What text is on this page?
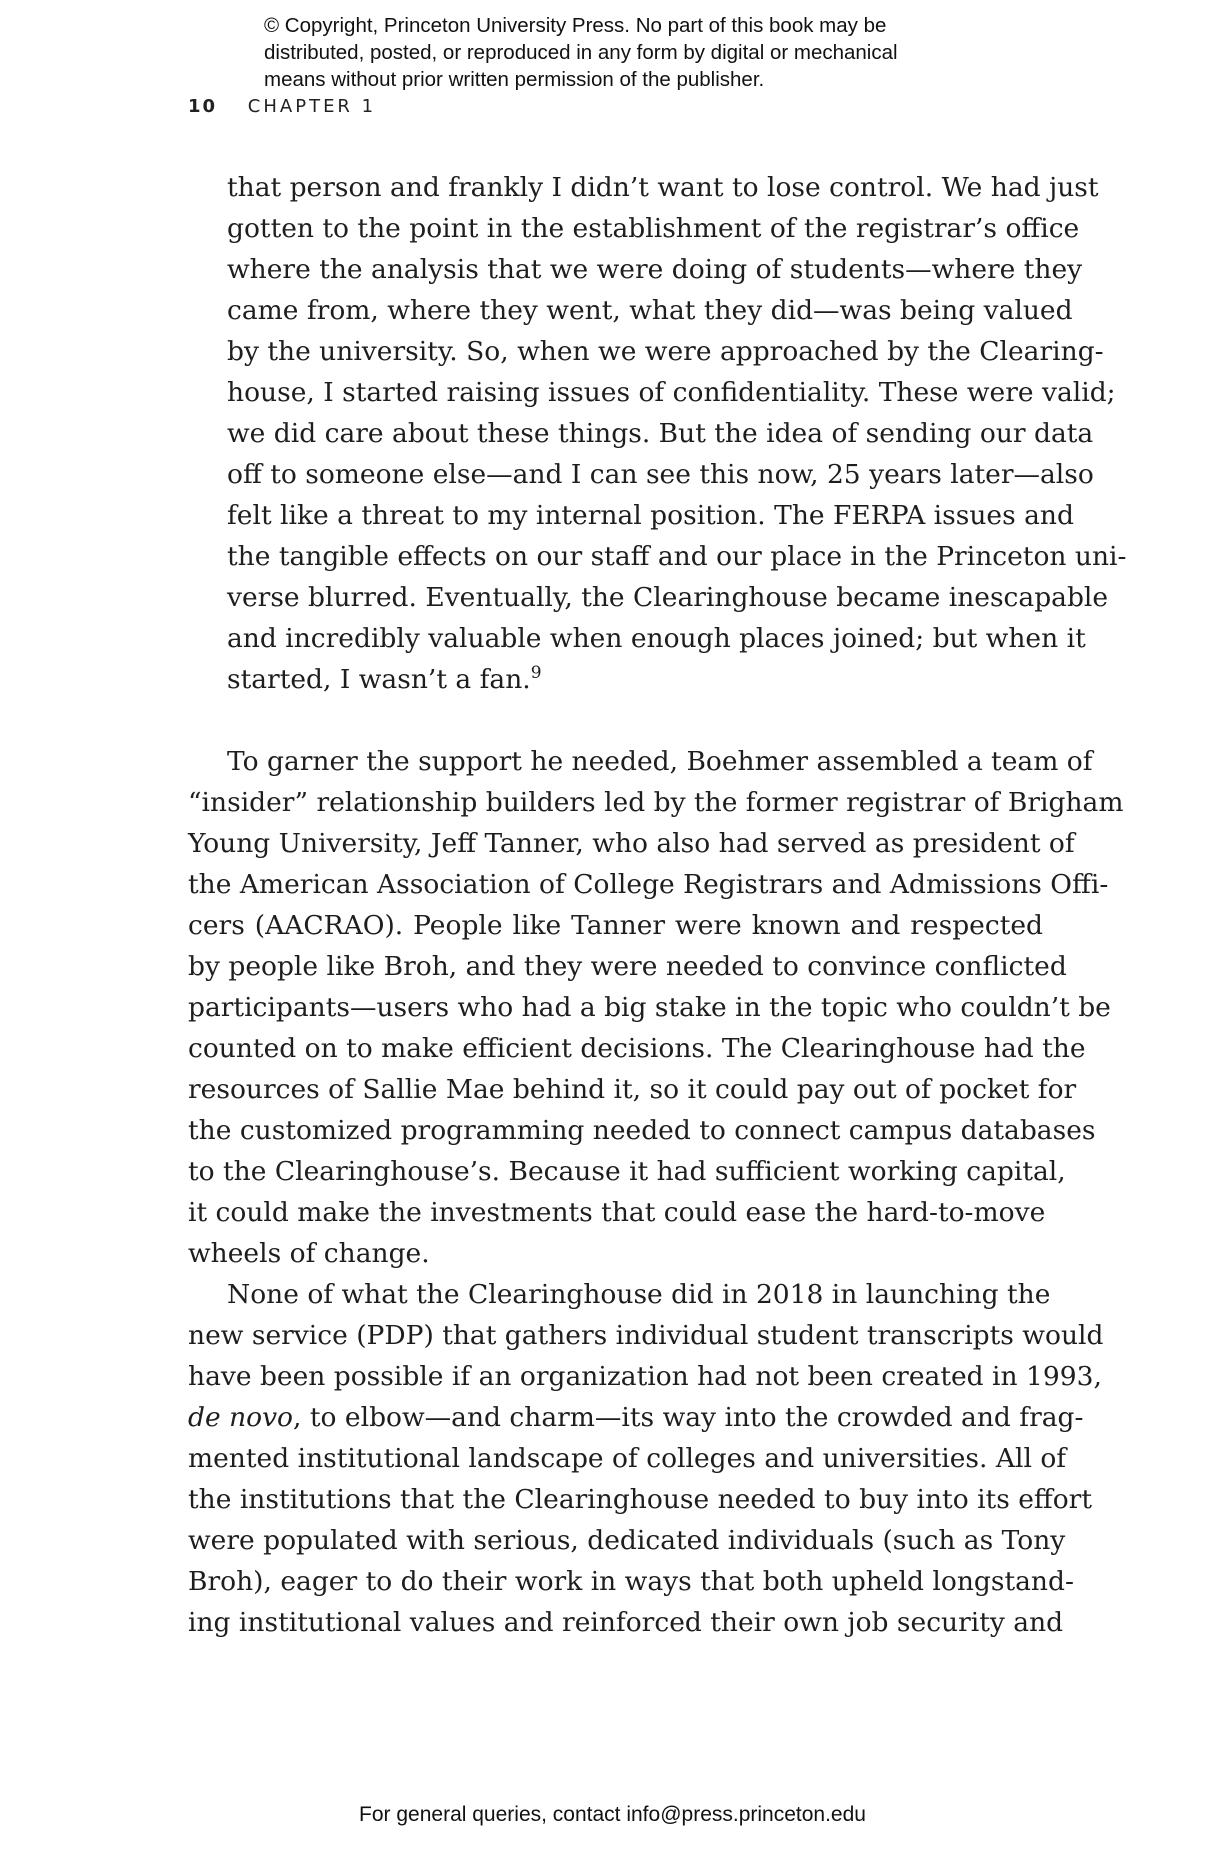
© Copyright, Princeton University Press. No part of this book may be
distributed, posted, or reproduced in any form by digital or mechanical
means without prior written permission of the publisher.
10 CHAPTER 1
that person and frankly I didn’t want to lose control. We had just
gotten to the point in the establishment of the registrar’s office
where the analysis that we were doing of students—where they
came from, where they went, what they did—was being valued
by the university. So, when we were approached by the Clearing-
house, I started raising issues of confidentiality. These were valid;
we did care about these things. But the idea of sending our data
off to someone else—and I can see this now, 25 years later—also
felt like a threat to my internal position. The FERPA issues and
the tangible effects on our staff and our place in the Princeton uni-
verse blurred. Eventually, the Clearinghouse became inescapable
and incredibly valuable when enough places joined; but when it
started, I wasn’t a fan.$^9$
To garner the support he needed, Boehmer assembled a team of
“insider” relationship builders led by the former registrar of Brigham
Young University, Jeff Tanner, who also had served as president of
the American Association of College Registrars and Admissions Offi-
cers (AACRAO). People like Tanner were known and respected
by people like Broh, and they were needed to convince conflicted
participants—users who had a big stake in the topic who couldn’t be
counted on to make efficient decisions. The Clearinghouse had the
resources of Sallie Mae behind it, so it could pay out of pocket for
the customized programming needed to connect campus databases
to the Clearinghouse’s. Because it had sufficient working capital,
it could make the investments that could ease the hard-to-move
wheels of change.
None of what the Clearinghouse did in 2018 in launching the
new service (PDP) that gathers individual student transcripts would
have been possible if an organization had not been created in 1993,
de novo, to elbow—and charm—its way into the crowded and frag-
mented institutional landscape of colleges and universities. All of
the institutions that the Clearinghouse needed to buy into its effort
were populated with serious, dedicated individuals (such as Tony
Broh), eager to do their work in ways that both upheld longstand-
ing institutional values and reinforced their own job security and
For general queries, contact info@press.princeton.edu
